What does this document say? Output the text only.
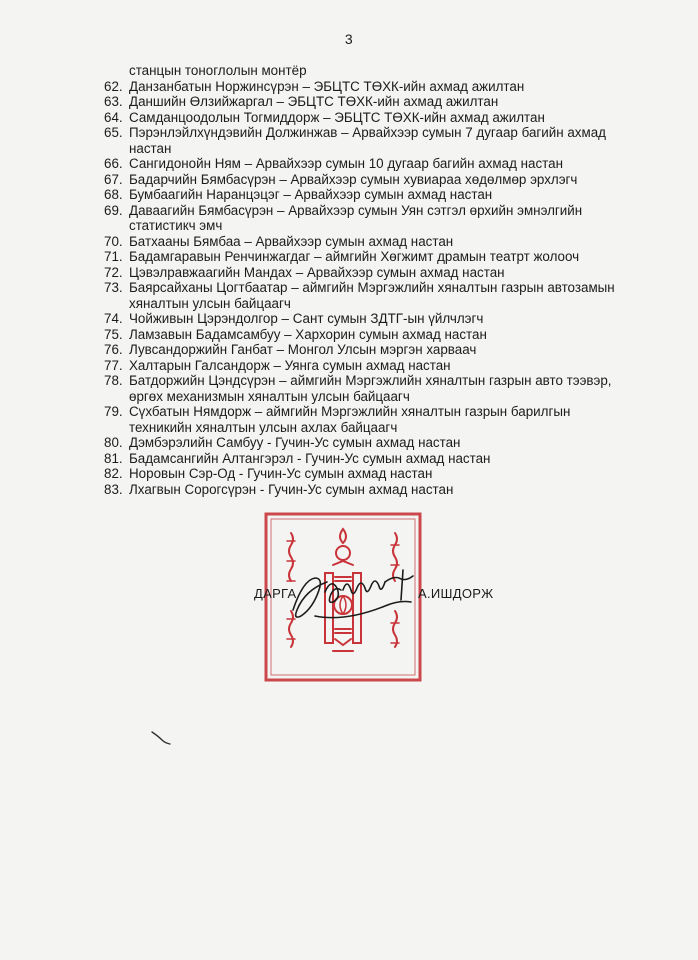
3
станцын тоноглолын монтёр
62. Данзанбатын Норжинсүрэн – ЭБЦТС ТӨХК-ийн ахмад ажилтан
63. Даншийн Өлзийжаргал – ЭБЦТС ТӨХК-ийн ахмад ажилтан
64. Самданцоодолын Тогмиддорж – ЭБЦТС ТӨХК-ийн ахмад ажилтан
65. Пэрэнлэйлхүндэвийн Должинжав – Арвайхээр сумын 7 дугаар багийн ахмад
настан
66. Сангидонойн Ням – Арвайхээр сумын 10 дугаар багийн ахмад настан
67. Бадарчийн Бямбасүрэн – Арвайхээр сумын хувиараа хөдөлмөр эрхлэгч
68. Бумбаагийн Наранцэцэг – Арвайхээр сумын ахмад настан
69. Даваагийн Бямбасүрэн – Арвайхээр сумын Уян сэтгэл өрхийн эмнэлгийн
статистикч эмч
70. Батхааны Бямбаа – Арвайхээр сумын ахмад настан
71. Бадамгаравын Ренчинжагдаг – аймгийн Хөгжимт драмын театрт жолооч
72. Цэвэлравжаагийн Мандах – Арвайхээр сумын ахмад настан
73. Баярсайханы Цогтбаатар – аймгийн Мэргэжлийн хяналтын газрын автозамын
хяналтын улсын байцаагч
74. Чойживын Цэрэндолгор – Сант сумын ЗДТГ-ын үйлчлэгч
75. Ламзавын Бадамсамбуу – Хархорин сумын ахмад настан
76. Лувсандоржийн Ганбат – Монгол Улсын мэргэн харваач
77. Халтарын Галсандорж – Уянга сумын ахмад настан
78. Батдоржийн Цэндсүрэн – аймгийн Мэргэжлийн хяналтын газрын авто тээвэр,
өргөх механизмын хяналтын улсын байцаагч
79. Сүхбатын Нямдорж – аймгийн Мэргэжлийн хяналтын газрын барилгын
техникийн хяналтын улсын ахлах байцаагч
80. Дэмбэрэлийн Самбуу - Гучин-Ус сумын ахмад настан
81. Бадамсангийн Алтангэрэл - Гучин-Ус сумын ахмад настан
82. Норовын Сэр-Од - Гучин-Ус сумын ахмад настан
83. Лхагвын Сорогсүрэн - Гучин-Ус сумын ахмад настан
ДАРГА	А.ИШДОРЖ
